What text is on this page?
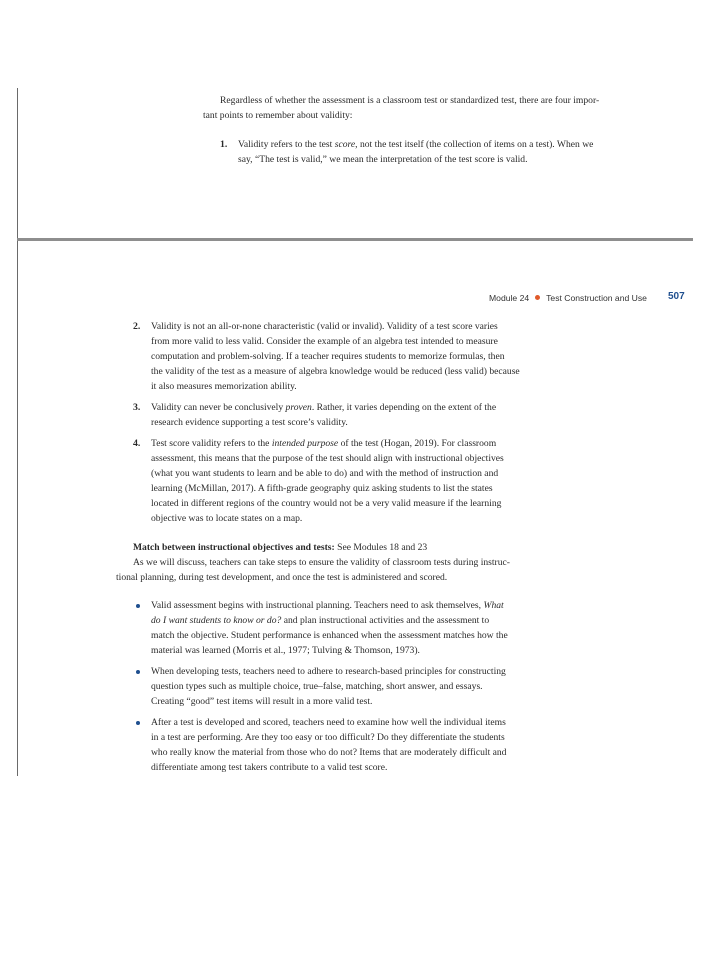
Regardless of whether the assessment is a classroom test or standardized test, there are four impor-

tant points to remember about validity:

1. Validity refers to the test score, not the test itself (the collection of items on a test). When we

say, “The test is valid,” we mean the interpretation of the test score is valid.

Module 24 Test Construction and Use 507
2. Validity is not an all-or-none characteristic (valid or invalid). Validity of a test score varies

from more valid to less valid. Consider the example of an algebra test intended to measure

computation and problem-solving. If a teacher requires students to memorize formulas, then

the validity of the test as a measure of algebra knowledge would be reduced (less valid) because

it also measures memorization ability.

3. Validity can never be conclusively proven. Rather, it varies depending on the extent of the

research evidence supporting a test score’s validity.

4. Test score validity refers to the intended purpose of the test (Hogan, 2019). For classroom

assessment, this means that the purpose of the test should align with instructional objectives

(what you want students to learn and be able to do) and with the method of instruction and

learning (McMillan, 2017). A fifth-grade geography quiz asking students to list the states

located in different regions of the country would not be a very valid measure if the learning

objective was to locate states on a map.

Match between instructional objectives and tests: See Modules 18 and 23

As we will discuss, teachers can take steps to ensure the validity of classroom tests during instruc-

tional planning, during test development, and once the test is administered and scored.

Valid assessment begins with instructional planning. Teachers need to ask themselves, What

do I want students to know or do? and plan instructional activities and the assessment to

match the objective. Student performance is enhanced when the assessment matches how the

material was learned (Morris et al., 1977; Tulving & Thomson, 1973).

When developing tests, teachers need to adhere to research-based principles for constructing

question types such as multiple choice, true–false, matching, short answer, and essays.

Creating “good” test items will result in a more valid test.

After a test is developed and scored, teachers need to examine how well the individual items

in a test are performing. Are they too easy or too difficult? Do they differentiate the students

who really know the material from those who do not? Items that are moderately difficult and

differentiate among test takers contribute to a valid test score.
